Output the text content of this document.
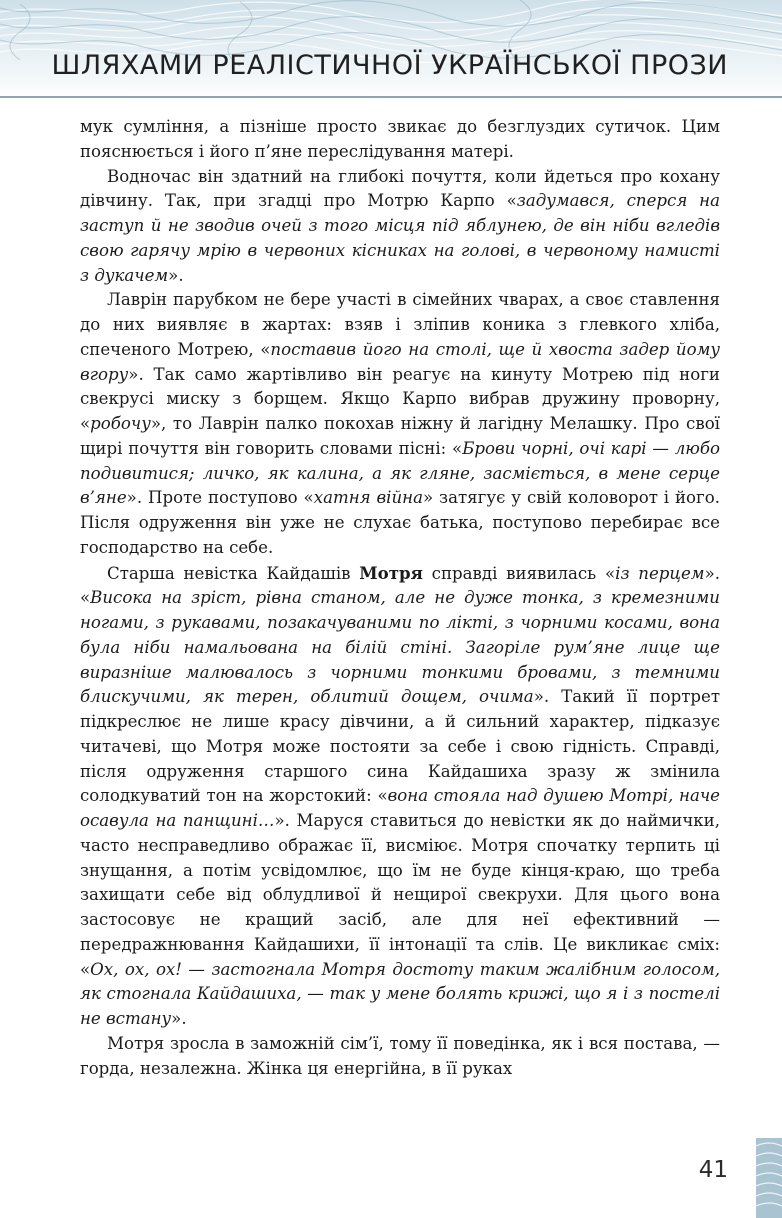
ШЛЯХАМИ РЕАЛІСТИЧНОЇ УКРАЇНСЬКОЇ ПРОЗИ

мук сумління, а пізніше просто звикає до безглуздих сутичок. Цим пояснюється і його п’яне переслідування матері.

Водночас він здатний на глибокі почуття, коли йдеться про кохану дівчину. Так, при згадці про Мотрю Карпо «задумався, сперся на заступ й не зводив очей з того місця під яблунею, де він ніби вгледів свою гарячу мрію в червоних кісниках на голові, в червоному намисті з дукачем».

Лаврін парубком не бере участі в сімейних чварах, а своє ставлення до них виявляє в жартах: взяв і зліпив коника з глевкого хліба, спеченого Мотрею, «поставив його на столі, ще й хвоста задер йому вгору». Так само жартівливо він реагує на кинуту Мотрею під ноги свекрусі миску з борщем. Якщо Карпо вибрав дружину проворну, «робочу», то Лаврін палко покохав ніжну й лагідну Мелашку. Про свої щирі почуття він говорить словами пісні: «Брови чорні, очі карі — любо подивитися; личко, як калина, а як гляне, засміється, в мене серце в’яне». Проте поступово «хатня війна» затягує у свій коловорот і його. Після одруження він уже не слухає батька, поступово перебирає все господарство на себе.

Старша невістка Кайдашів Мотря справді виявилась «із перцем». «Висока на зріст, рівна станом, але не дуже тонка, з кремезними ногами, з рукавами, позакачуваними по лікті, з чорними косами, вона була ніби намальована на білій стіні. Загоріле рум’яне лице ще виразніше малювалось з чорними тонкими бровами, з темними блискучими, як терен, облитий дощем, очима». Такий її портрет підкреслює не лише красу дівчини, а й сильний характер, підказує читачеві, що Мотря може постояти за себе і свою гідність. Справді, після одруження старшого сина Кайдашиха зразу ж змінила солодкуватий тон на жорстокий: «вона стояла над душею Мотрі, наче осавула на панщині…». Маруся ставиться до невістки як до наймички, часто несправедливо ображає її, висміює. Мотря спочатку терпить ці знущання, а потім усвідомлює, що їм не буде кінця-краю, що треба захищати себе від облудливої й нещирої свекрухи. Для цього вона застосовує не кращий засіб, але для неї ефективний — передражнювання Кайдашихи, її інтонації та слів. Це викликає сміх: «Ох, ох, ох! — застогнала Мотря достоту таким жалібним голосом, як стогнала Кайдашиха, — так у мене болять крижі, що я і з постелі не встану».

Мотря зросла в заможній сім’ї, тому її поведінка, як і вся постава, — горда, незалежна. Жінка ця енергійна, в її руках

41
